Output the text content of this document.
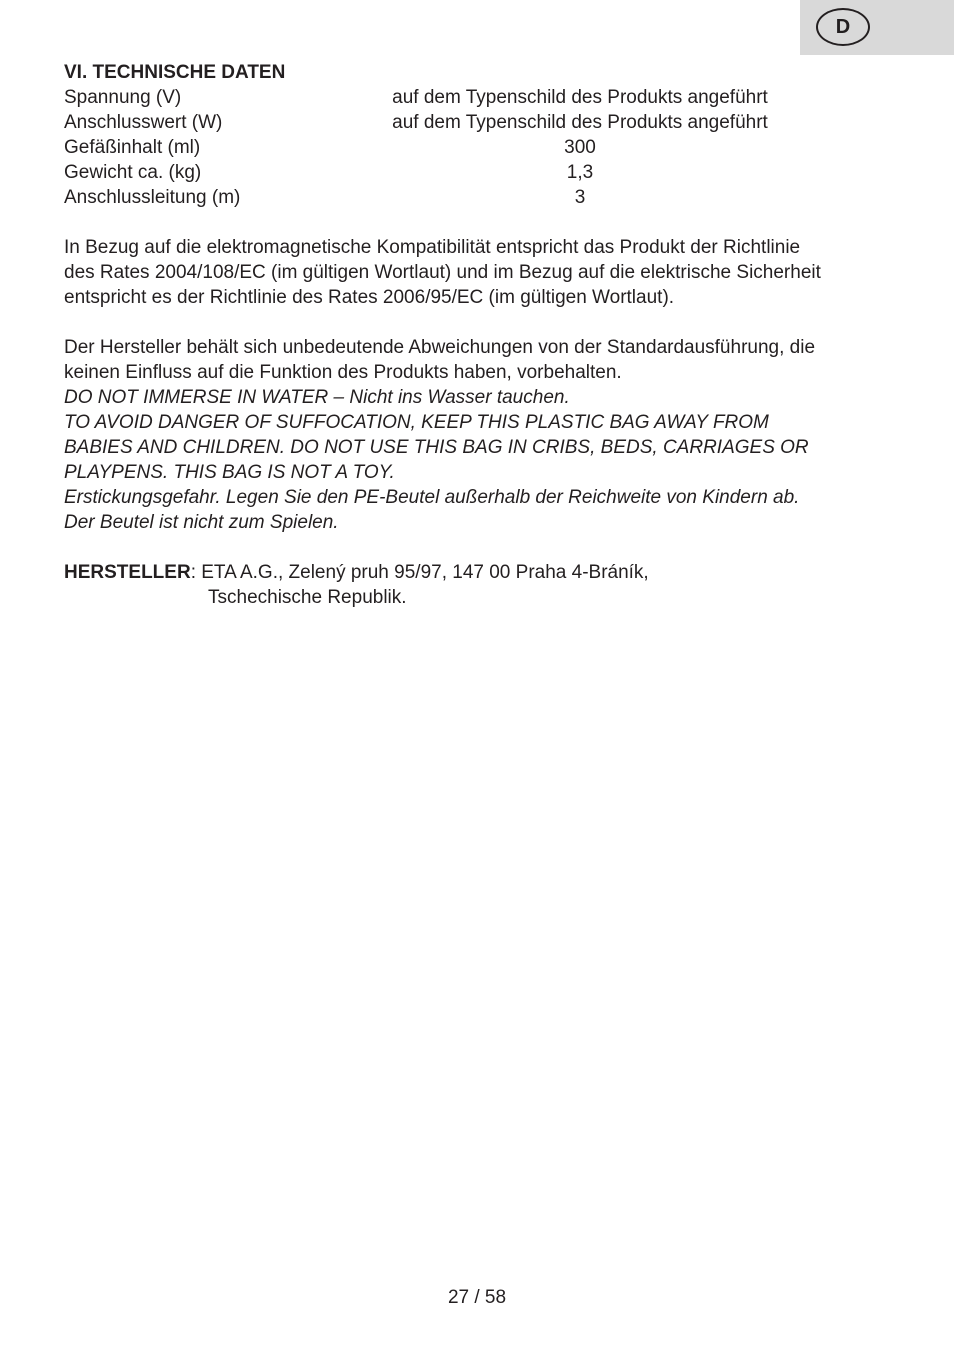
D
VI. TECHNISCHE DATEN
Spannung (V)	auf dem Typenschild des Produkts angeführt
Anschlusswert (W)	auf dem Typenschild des Produkts angeführt
Gefäßinhalt (ml)	300
Gewicht ca. (kg)	1,3
Anschlussleitung (m)	3
In Bezug auf die elektromagnetische Kompatibilität entspricht das Produkt der Richtlinie
des Rates 2004/108/EC (im gültigen Wortlaut) und im Bezug auf die elektrische Sicherheit
entspricht es der Richtlinie des Rates 2006/95/EC (im gültigen Wortlaut).
Der Hersteller behält sich unbedeutende Abweichungen von der Standardausführung, die
keinen Einfluss auf die Funktion des Produkts haben, vorbehalten.
DO NOT IMMERSE IN WATER – Nicht ins Wasser tauchen.
TO AVOID DANGER OF SUFFOCATION, KEEP THIS PLASTIC BAG AWAY FROM
BABIES AND CHILDREN. DO NOT USE THIS BAG IN CRIBS, BEDS, CARRIAGES OR
PLAYPENS. THIS BAG IS NOT A TOY.
Erstickungsgefahr. Legen Sie den PE-Beutel außerhalb der Reichweite von Kindern ab.
Der Beutel ist nicht zum Spielen.
HERSTELLER: ETA A.G., Zelený pruh 95/97, 147 00 Praha 4-Bráník,
Tschechische Republik.
27 / 58
